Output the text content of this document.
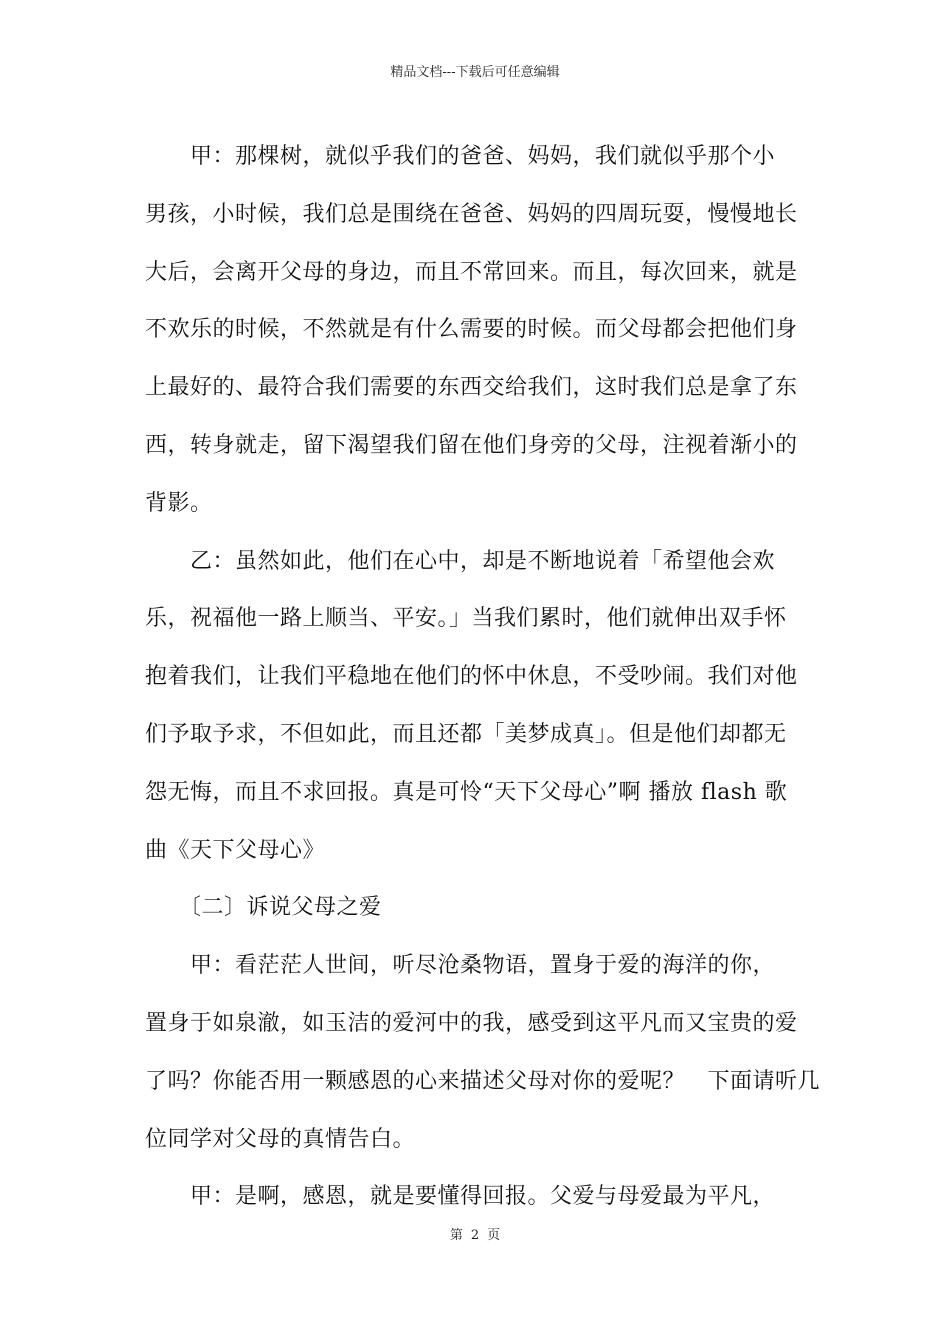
精品文档---下载后可任意编辑

　　甲：那棵树，就似乎我们的爸爸、妈妈，我们就似乎那个小
男孩，小时候，我们总是围绕在爸爸、妈妈的四周玩耍，慢慢地长
大后，会离开父母的身边，而且不常回来。而且，每次回来，就是
不欢乐的时候，不然就是有什么需要的时候。而父母都会把他们身
上最好的、最符合我们需要的东西交给我们，这时我们总是拿了东
西，转身就走，留下渴望我们留在他们身旁的父母，注视着渐小的
背影。

　　乙：虽然如此，他们在心中，却是不断地说着「希望他会欢
乐，祝福他一路上顺当、平安。」当我们累时，他们就伸出双手怀
抱着我们，让我们平稳地在他们的怀中休息，不受吵闹。我们对他
们予取予求，不但如此，而且还都「美梦成真」。但是他们却都无
怨无悔，而且不求回报。真是可怜“天下父母心”啊 播放 flash 歌
曲《天下父母心》

　　〔二〕诉说父母之爱

　　甲：看茫茫人世间，听尽沧桑物语，置身于爱的海洋的你，
置身于如泉澈，如玉洁的爱河中的我，感受到这平凡而又宝贵的爱
了吗？你能否用一颗感恩的心来描述父母对你的爱呢？　下面请听几
位同学对父母的真情告白。

　　甲：是啊，感恩，就是要懂得回报。父爱与母爱最为平凡，

第 2 页
